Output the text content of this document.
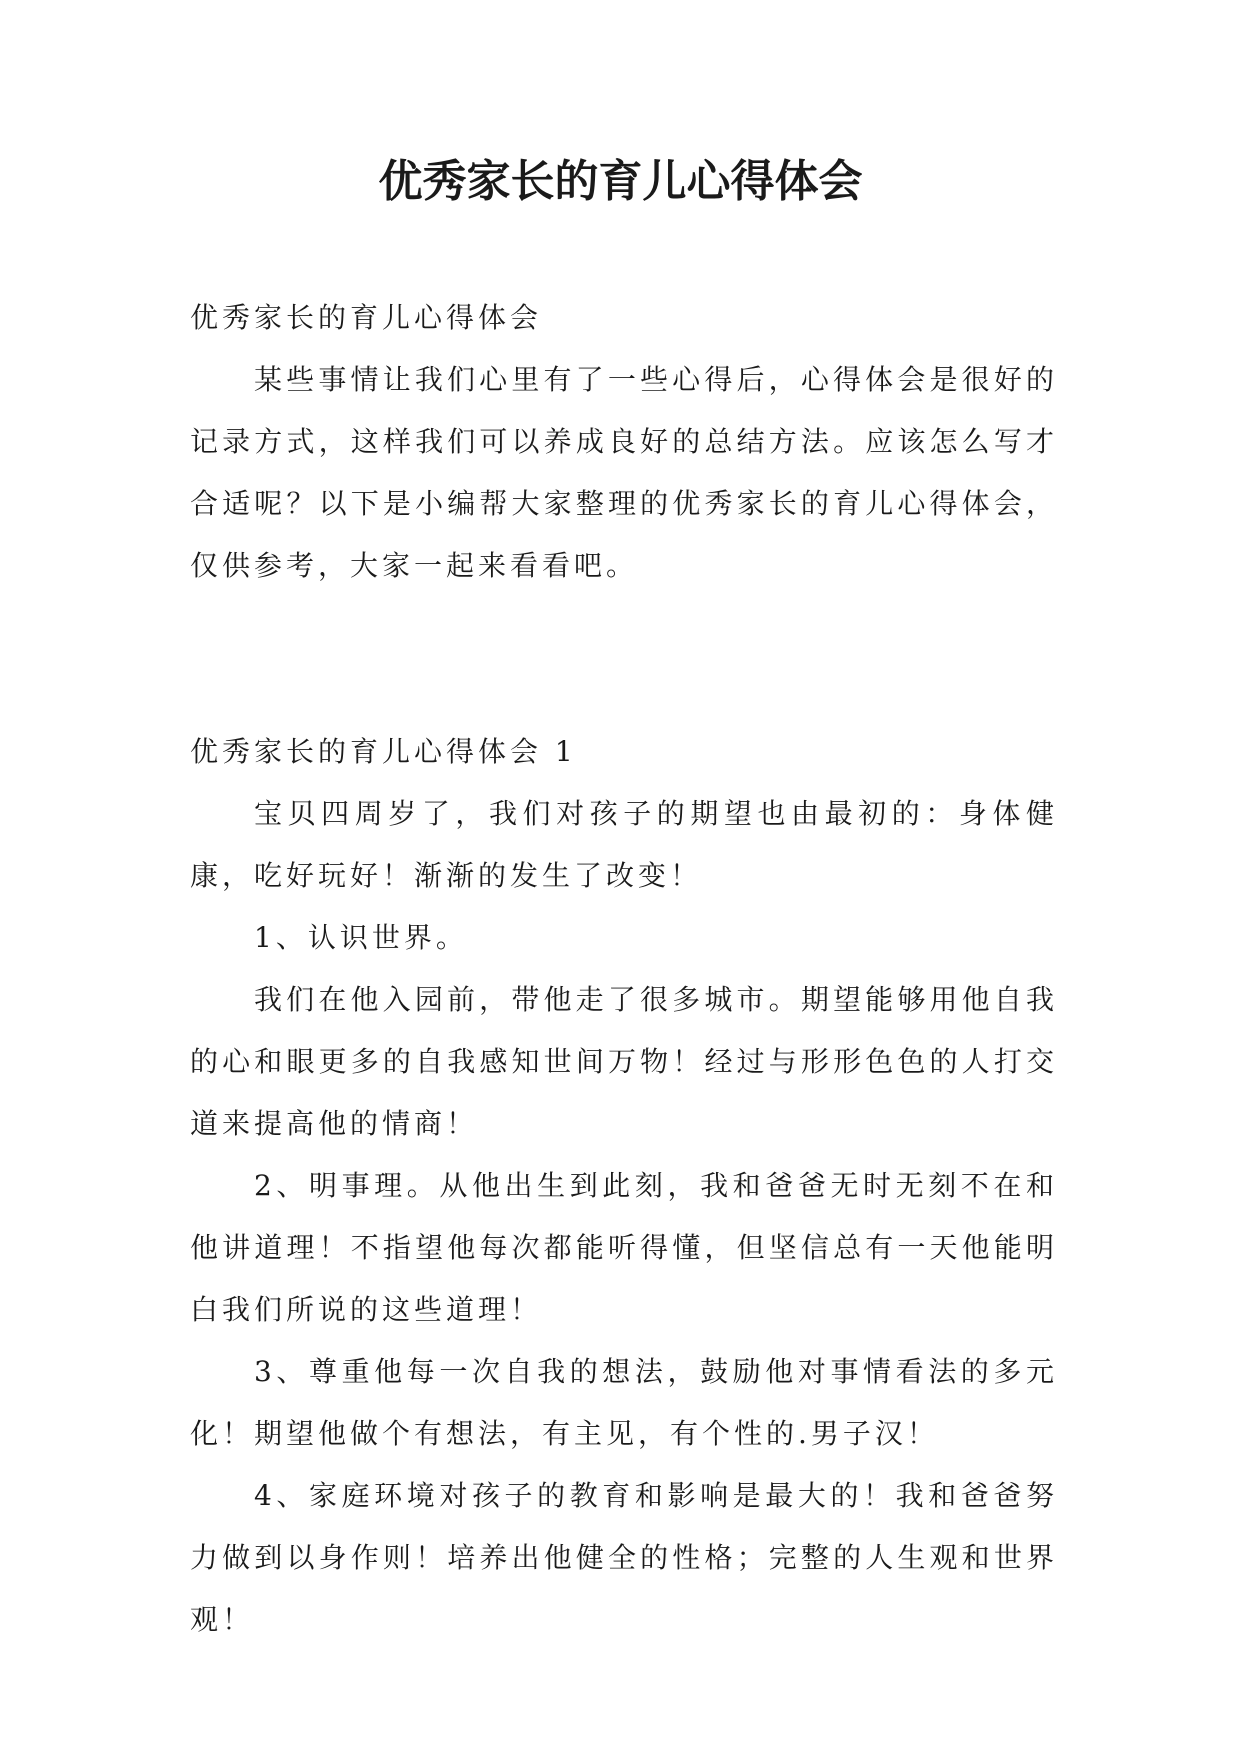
优秀家长的育儿心得体会

优秀家长的育儿心得体会

某些事情让我们心里有了一些心得后，心得体会是很好的记录方式，这样我们可以养成良好的总结方法。应该怎么写才合适呢？以下是小编帮大家整理的优秀家长的育儿心得体会，仅供参考，大家一起来看看吧。

优秀家长的育儿心得体会 1

宝贝四周岁了，我们对孩子的期望也由最初的：身体健康，吃好玩好！渐渐的发生了改变！

1、认识世界。

我们在他入园前，带他走了很多城市。期望能够用他自我的心和眼更多的自我感知世间万物！经过与形形色色的人打交道来提高他的情商！

2、明事理。从他出生到此刻，我和爸爸无时无刻不在和他讲道理！不指望他每次都能听得懂，但坚信总有一天他能明白我们所说的这些道理！

3、尊重他每一次自我的想法，鼓励他对事情看法的多元化！期望他做个有想法，有主见，有个性的.男子汉！

4、家庭环境对孩子的教育和影响是最大的！我和爸爸努力做到以身作则！培养出他健全的性格；完整的人生观和世界观！
